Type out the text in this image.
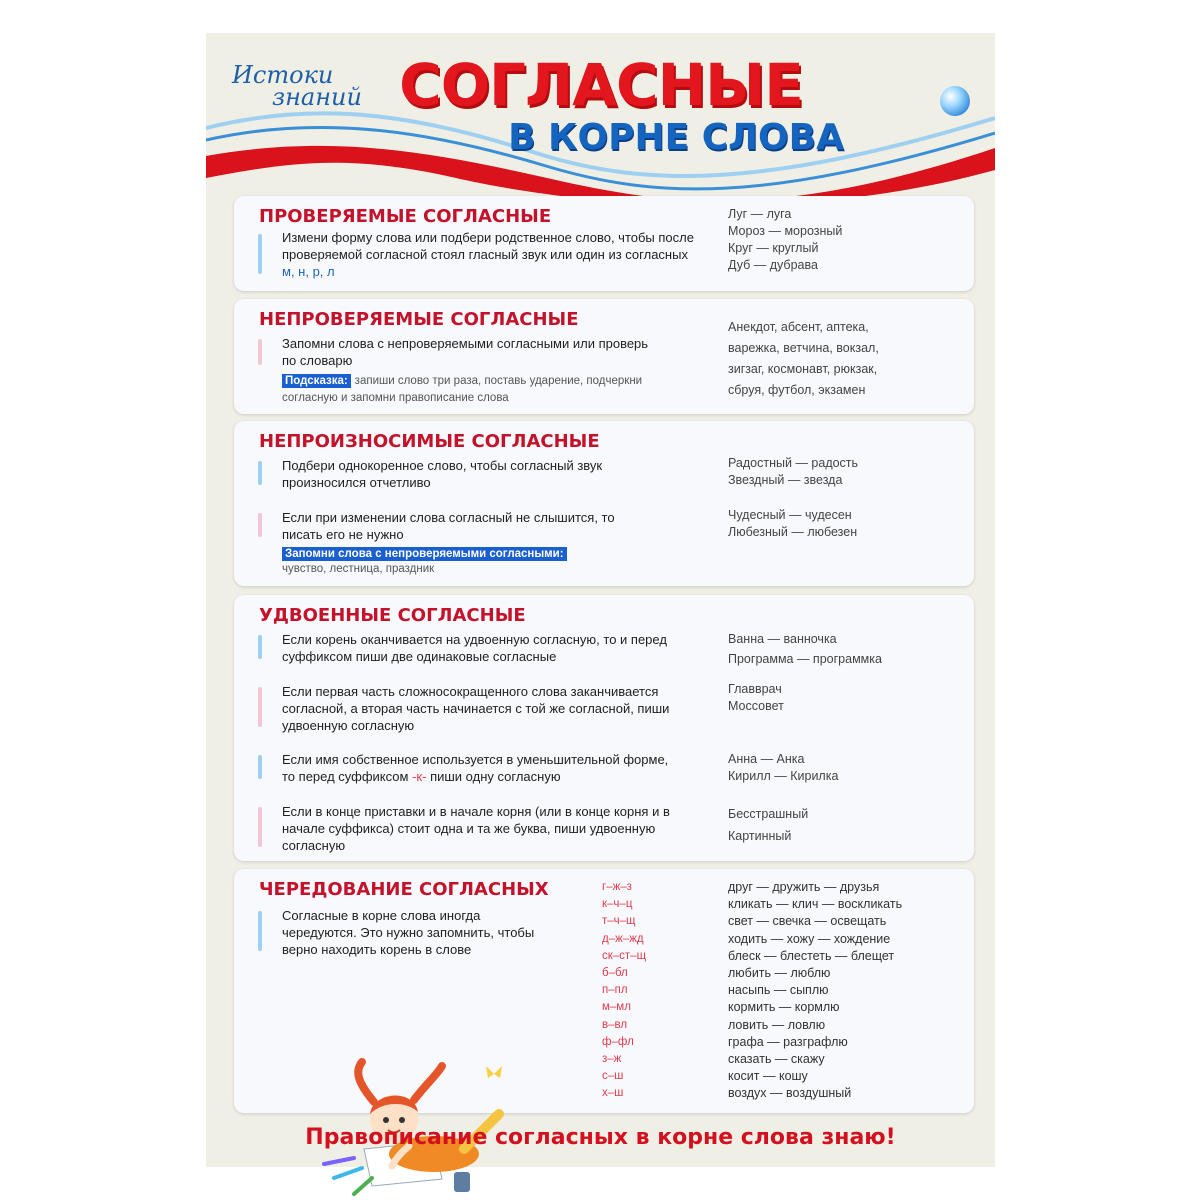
Истоки
знаний СОГЛАСНЫЕ
В КОРНЕ СЛОВА
ПРОВЕРЯЕМЫЕ СОГЛАСНЫЕ
Измени форму слова или подбери родственное слово, чтобы после проверяемой согласной стоял гласный звук или один из согласных м, н, р, л
Луг — луга
Мороз — морозный
Круг — круглый
Дуб — дубрава
НЕПРОВЕРЯЕМЫЕ СОГЛАСНЫЕ
Запомни слова с непроверяемыми согласными или проверь по словарю
Подсказка: запиши слово три раза, поставь ударение, подчеркни согласную и запомни правописание слова
Анекдот, абсент, аптека,
варежка, ветчина, вокзал,
зигзаг, космонавт, рюкзак,
сбруя, футбол, экзамен
НЕПРОИЗНОСИМЫЕ СОГЛАСНЫЕ
Подбери однокоренное слово, чтобы согласный звук произносился отчетливо
Если при изменении слова согласный не слышится, то писать его не нужно
Запомни слова с непроверяемыми согласными:
чувство, лестница, праздник
Радостный — радость
Звездный — звезда
Чудесный — чудесен
Любезный — любезен
УДВОЕННЫЕ СОГЛАСНЫЕ
Если корень оканчивается на удвоенную согласную, то и перед суффиксом пиши две одинаковые согласные
Если первая часть сложносокращенного слова заканчивается согласной, а вторая часть начинается с той же согласной, пиши удвоенную согласную
Если имя собственное используется в уменьшительной форме, то перед суффиксом -к- пиши одну согласную
Если в конце приставки и в начале корня (или в конце корня и в начале суффикса) стоит одна и та же буква, пиши удвоенную согласную
Ванна — ванночка
Программа — программка
Главврач
Моссовет
Анна — Анка
Кирилл — Кирилка
Бесстрашный
Картинный
ЧЕРЕДОВАНИЕ СОГЛАСНЫХ
Согласные в корне слова иногда чередуются. Это нужно запомнить, чтобы верно находить корень в слове
г–ж–з
к–ч–ц
т–ч–щ
д–ж–жд
ск–ст–щ
б–бл
п–пл
м–мл
в–вл
ф–фл
з–ж
с–ш
х–ш
друг — дружить — друзья
кликать — клич — воскликать
свет — свечка — освещать
ходить — хожу — хождение
блеск — блестеть — блещет
любить — люблю
насыпь — сыплю
кормить — кормлю
ловить — ловлю
графа — разграфлю
сказать — скажу
косит — кошу
воздух — воздушный
Правописание согласных в корне слова знаю!
